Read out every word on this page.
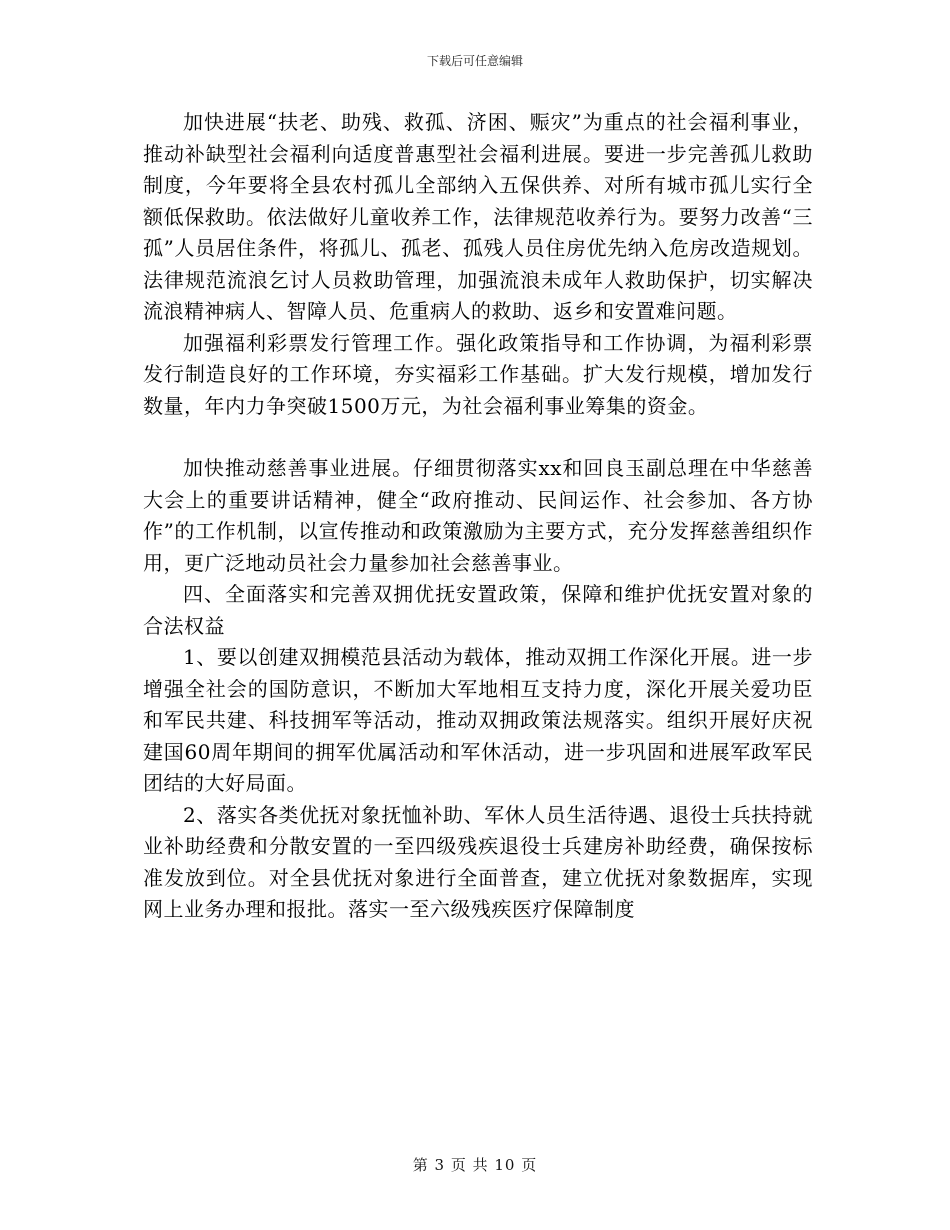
下载后可任意编辑

加快进展“扶老、助残、救孤、济困、赈灾”为重点的社会福利事业，推动补缺型社会福利向适度普惠型社会福利进展。要进一步完善孤儿救助制度，今年要将全县农村孤儿全部纳入五保供养、对所有城市孤儿实行全额低保救助。依法做好儿童收养工作，法律规范收养行为。要努力改善“三孤”人员居住条件，将孤儿、孤老、孤残人员住房优先纳入危房改造规划。法律规范流浪乞讨人员救助管理，加强流浪未成年人救助保护，切实解决流浪精神病人、智障人员、危重病人的救助、返乡和安置难问题。

加强福利彩票发行管理工作。强化政策指导和工作协调，为福利彩票发行制造良好的工作环境，夯实福彩工作基础。扩大发行规模，增加发行数量，年内力争突破1500万元，为社会福利事业筹集的资金。

加快推动慈善事业进展。仔细贯彻落实xx和回良玉副总理在中华慈善大会上的重要讲话精神，健全“政府推动、民间运作、社会参加、各方协作”的工作机制，以宣传推动和政策激励为主要方式，充分发挥慈善组织作用，更广泛地动员社会力量参加社会慈善事业。

四、全面落实和完善双拥优抚安置政策，保障和维护优抚安置对象的合法权益

1、要以创建双拥模范县活动为载体，推动双拥工作深化开展。进一步增强全社会的国防意识，不断加大军地相互支持力度，深化开展关爱功臣和军民共建、科技拥军等活动，推动双拥政策法规落实。组织开展好庆祝建国60周年期间的拥军优属活动和军休活动，进一步巩固和进展军政军民团结的大好局面。

2、落实各类优抚对象抚恤补助、军休人员生活待遇、退役士兵扶持就业补助经费和分散安置的一至四级残疾退役士兵建房补助经费，确保按标准发放到位。对全县优抚对象进行全面普查，建立优抚对象数据库，实现网上业务办理和报批。落实一至六级残疾医疗保障制度

第 3 页 共 10 页
